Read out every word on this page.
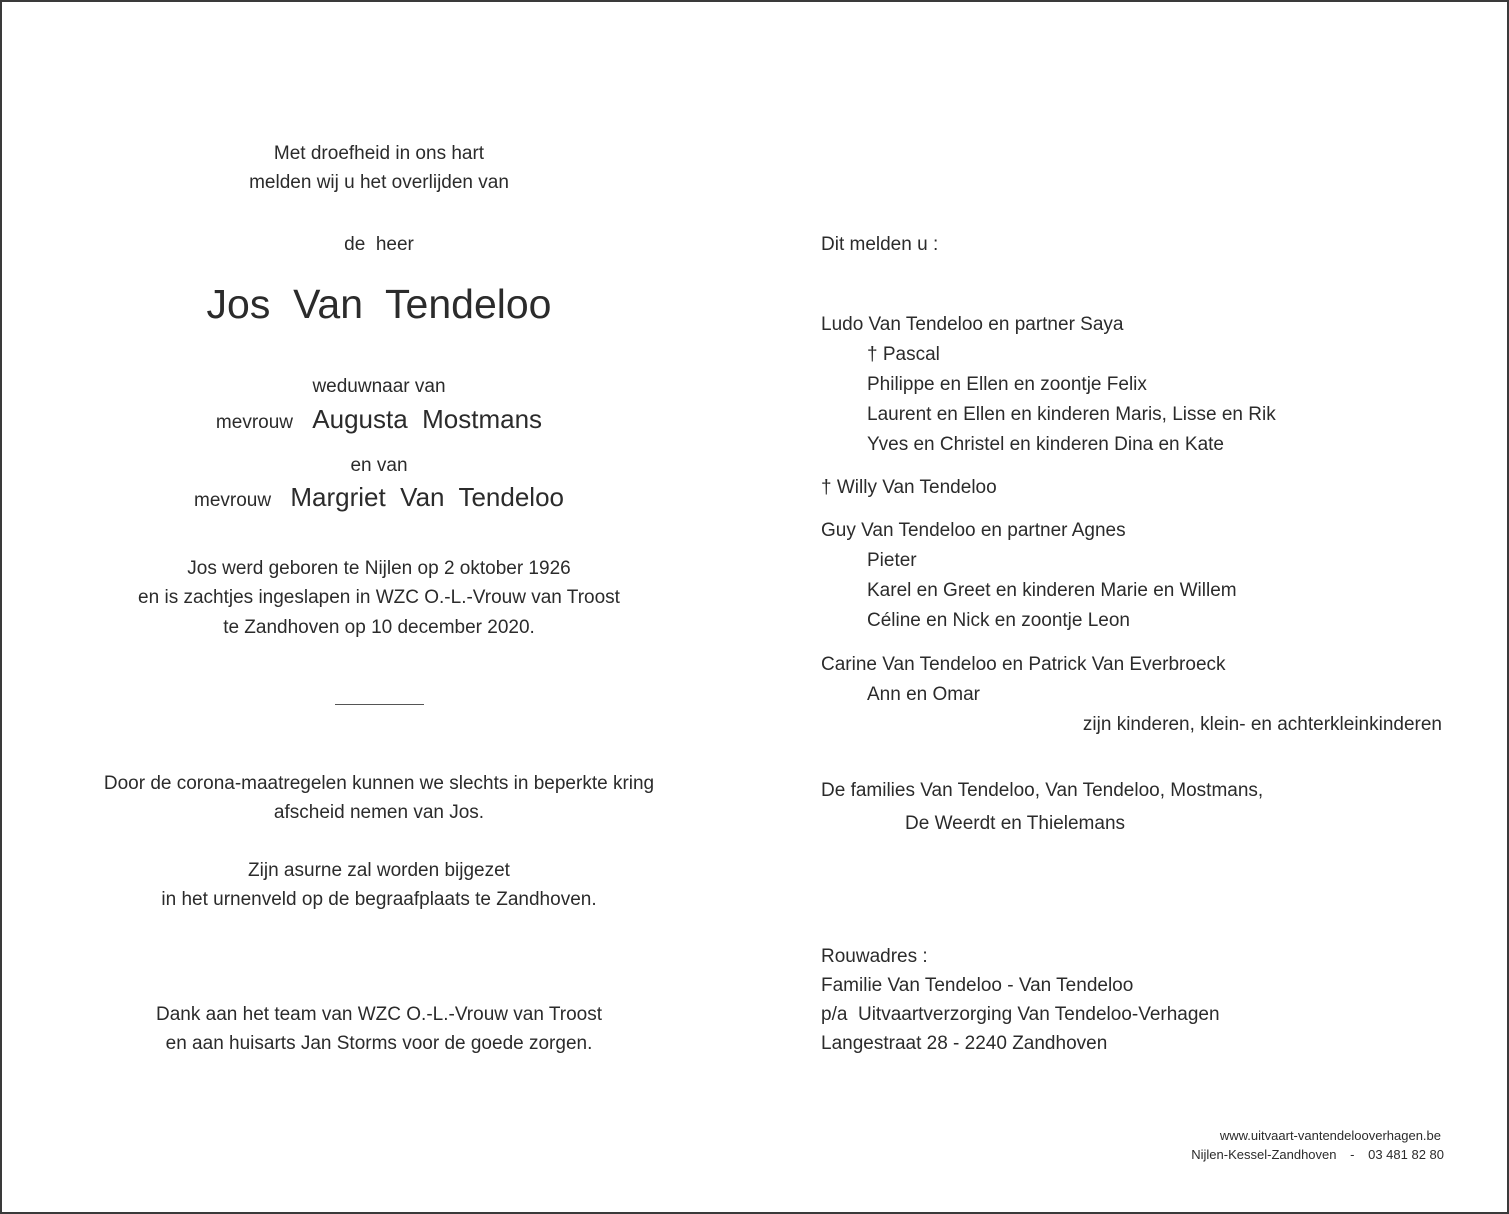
Met droefheid in ons hart
melden wij u het overlijden van
de  heer
Jos  Van  Tendeloo
weduwnaar van
mevrouw Augusta  Mostmans
en van
mevrouw Margriet  Van  Tendeloo
Jos werd geboren te Nijlen op 2 oktober 1926
en is zachtjes ingeslapen in WZC O.-L.-Vrouw van Troost
te Zandhoven op 10 december 2020.
Door de corona-maatregelen kunnen we slechts in beperkte kring
afscheid nemen van Jos.
Zijn asurne zal worden bijgezet
in het urnenveld op de begraafplaats te Zandhoven.
Dank aan het team van WZC O.-L.-Vrouw van Troost
en aan huisarts Jan Storms voor de goede zorgen.
Dit melden u :
Ludo Van Tendeloo en partner Saya
† Pascal
Philippe en Ellen en zoontje Felix
Laurent en Ellen en kinderen Maris, Lisse en Rik
Yves en Christel en kinderen Dina en Kate
† Willy Van Tendeloo
Guy Van Tendeloo en partner Agnes
Pieter
Karel en Greet en kinderen Marie en Willem
Céline en Nick en zoontje Leon
Carine Van Tendeloo en Patrick Van Everbroeck
Ann en Omar
zijn kinderen, klein- en achterkleinkinderen
De families Van Tendeloo, Van Tendeloo, Mostmans,
De Weerdt en Thielemans
Rouwadres :
Familie Van Tendeloo - Van Tendeloo
p/a  Uitvaartverzorging Van Tendeloo-Verhagen
Langestraat 28 - 2240 Zandhoven
www.uitvaart-vantendelooverhagen.be
Nijlen-Kessel-Zandhoven - 03 481 82 80
